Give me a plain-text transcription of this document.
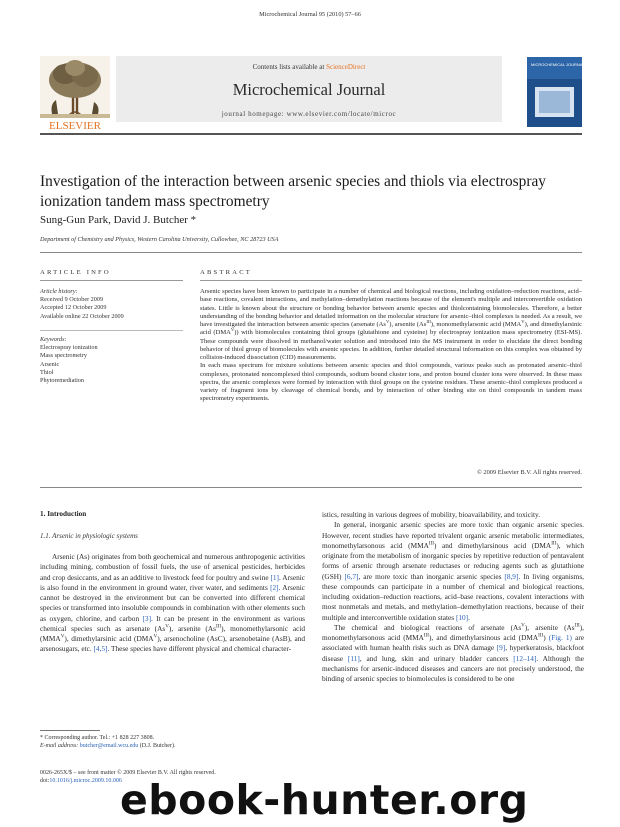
Microchemical Journal 95 (2010) 57–66
Contents lists available at ScienceDirect
Microchemical Journal
journal homepage: www.elsevier.com/locate/microc
ELSEVIER
MICROCHEMICAL JOURNAL
Investigation of the interaction between arsenic species and thiols via electrospray ionization tandem mass spectrometry
Sung-Gun Park, David J. Butcher *
Department of Chemistry and Physics, Western Carolina University, Cullowhee, NC 28723 USA
ARTICLE INFO
Article history:
Received 9 October 2009
Accepted 12 October 2009
Available online 22 October 2009
Keywords:
Electrospray ionization
Mass spectrometry
Arsenic
Thiol
Phytoremediation
ABSTRACT

Arsenic species have been known to participate in a number of chemical and biological reactions, including oxidation–reduction reactions, acid–base reactions, covalent interactions, and methylation–demethylation reactions because of the element's multiple and interconvertible oxidation states. Little is known about the structure or bonding behavior between arsenic species and thiolcontaining biomolecules. Therefore, a better understanding of the bonding behavior and detailed information on the molecular structure for arsenic–thiol complexes is needed. As a result, we have investigated the interaction between arsenic species (arsenate $(As^V)$, arsenite $(As^{III})$, monomethylarsonic acid $(MMA^V)$, and dimethylarsinic acid $(DMA^V)$) with biomolecules containing thiol groups (glutathione and cysteine) by electrospray ionization mass spectrometry (ESI-MS). These compounds were dissolved in methanol/water solution and introduced into the MS instrument in order to elucidate the direct bonding behavior of thiol group of biomolecules with arsenic species. In addition, further detailed structural information on this complex was obtained by collision-induced dissociation (CID) measurements.

In each mass spectrum for mixture solutions between arsenic species and thiol compounds, various peaks such as protonated arsenic–thiol complexes, protonated noncomplexed thiol compounds, sodium bound cluster ions, and proton bound cluster ions were observed. In these mass spectra, the arsenic complexes were formed by interaction with thiol groups on the cysteine residues. These arsenic–thiol complexes produced a variety of fragment ions by cleavage of chemical bonds, and by interaction of other binding site on thiol compounds in tandem mass spectrometry experiments.

© 2009 Elsevier B.V. All rights reserved.
1. Introduction
1.1. Arsenic in physiologic systems

Arsenic (As) originates from both geochemical and numerous anthropogenic activities including mining, combustion of fossil fuels, the use of arsenical pesticides, herbicides and crop desiccants, and as an additive to livestock feed for poultry and swine [1]. Arsenic is also found in the environment in ground water, river water, and sediments [2]. Arsenic cannot be destroyed in the environment but can be converted into different chemical species or transformed into insoluble compounds in combination with other elements such as oxygen, chlorine, and carbon [3]. It can be present in the environment as various chemical species such as arsenate $(As^V)$, arsenite $(As^{III})$, monomethylarsonic acid $(MMA^V)$, dimethylarsinic acid $(DMA^V)$, arsenocholine (AsC), arsenobetaine (AsB), and arsenosugars, etc. [4,5]. These species have different physical and chemical character-

istics, resulting in various degrees of mobility, bioavailability, and toxicity.

In general, inorganic arsenic species are more toxic than organic arsenic species. However, recent studies have reported trivalent organic arsenic metabolic intermediates, monomethylarsonous acid $(MMA^{III})$ and dimethylarsinous acid $(DMA^{III})$, which originate from the metabolism of inorganic species by repetitive reduction of pentavalent forms of arsenic through arsenate reductases or reducing agents such as glutathione (GSH) [6,7], are more toxic than inorganic arsenic species [8,9]. In living organisms, these compounds can participate in a number of chemical and biological reactions, including oxidation–reduction reactions, acid–base reactions, covalent interactions with most nonmetals and metals, and methylation–demethylation reactions, because of their multiple and interconvertible oxidation states [10].

The chemical and biological reactions of arsenate $(As^V)$, arsenite $(As^{III})$, monomethylarsonous acid $(MMA^{III})$, and dimethylarsinous acid $(DMA^{III})$ (Fig. 1) are associated with human health risks such as DNA damage [9], hyperkeratosis, blackfoot disease [11], and lung, skin and urinary bladder cancers [12–14]. Although the mechanisms for arsenic-induced diseases and cancers are not precisely understood, the binding of arsenic species to biomolecules is considered to be one

* Corresponding author. Tel.: +1 828 227 3808.
E-mail address: butcher@email.wcu.edu (D.J. Butcher).
0026-265X/$ – see front matter © 2009 Elsevier B.V. All rights reserved.
doi:10.1016/j.microc.2009.10.006
ebook-hunter.org
